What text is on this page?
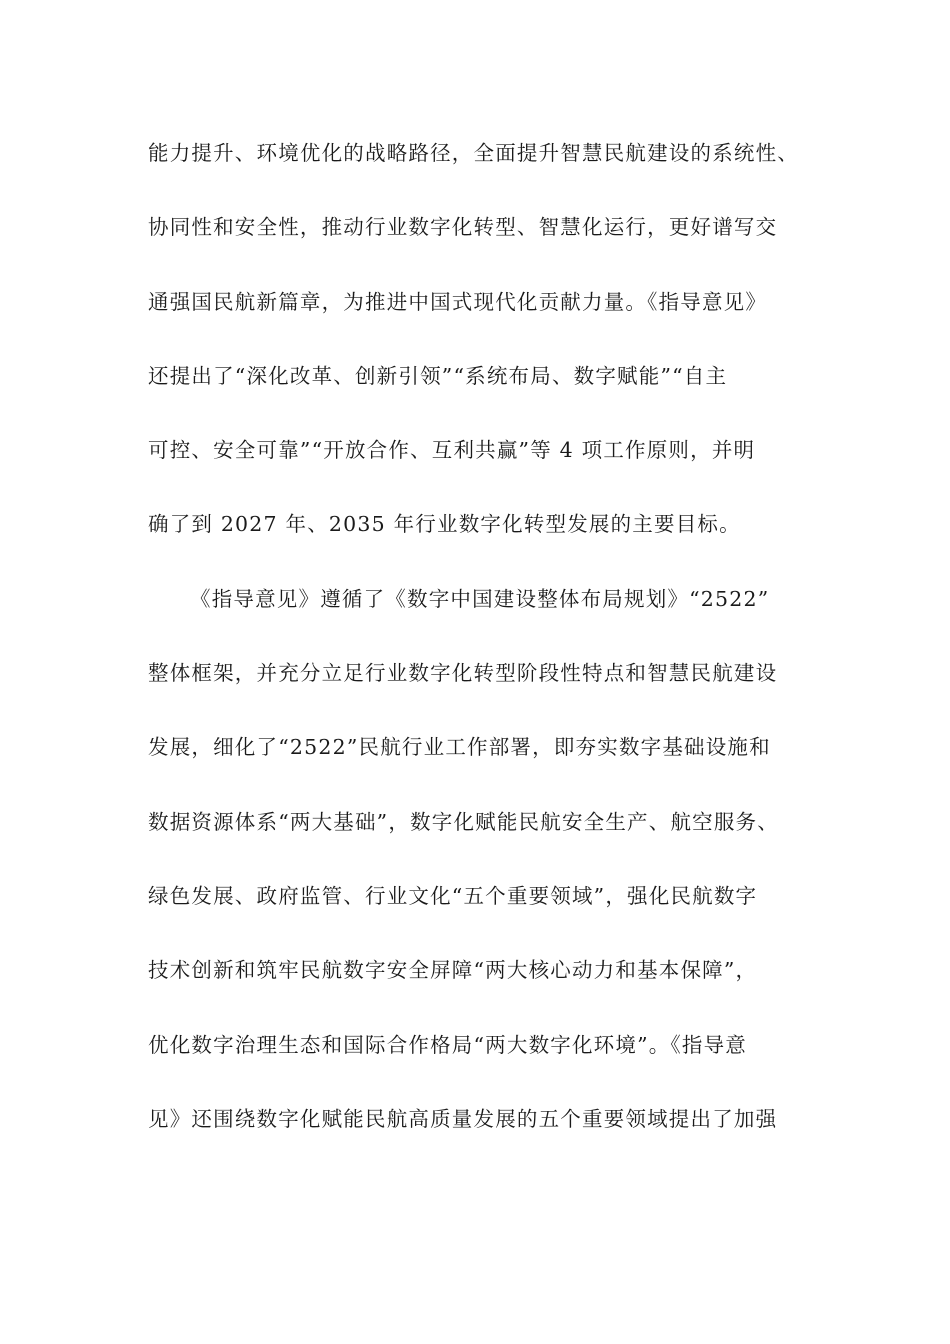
能力提升、环境优化的战略路径，全面提升智慧民航建设的系统性、
协同性和安全性，推动行业数字化转型、智慧化运行，更好谱写交
通强国民航新篇章，为推进中国式现代化贡献力量。《指导意见》
还提出了“深化改革、创新引领”“系统布局、数字赋能”“自主
可控、安全可靠”“开放合作、互利共赢”等 4 项工作原则，并明
确了到 2027 年、2035 年行业数字化转型发展的主要目标。
《指导意见》遵循了《数字中国建设整体布局规划》“2522”
整体框架，并充分立足行业数字化转型阶段性特点和智慧民航建设
发展，细化了“2522”民航行业工作部署，即夯实数字基础设施和
数据资源体系“两大基础”，数字化赋能民航安全生产、航空服务、
绿色发展、政府监管、行业文化“五个重要领域”，强化民航数字
技术创新和筑牢民航数字安全屏障“两大核心动力和基本保障”，
优化数字治理生态和国际合作格局“两大数字化环境”。《指导意
见》还围绕数字化赋能民航高质量发展的五个重要领域提出了加强
